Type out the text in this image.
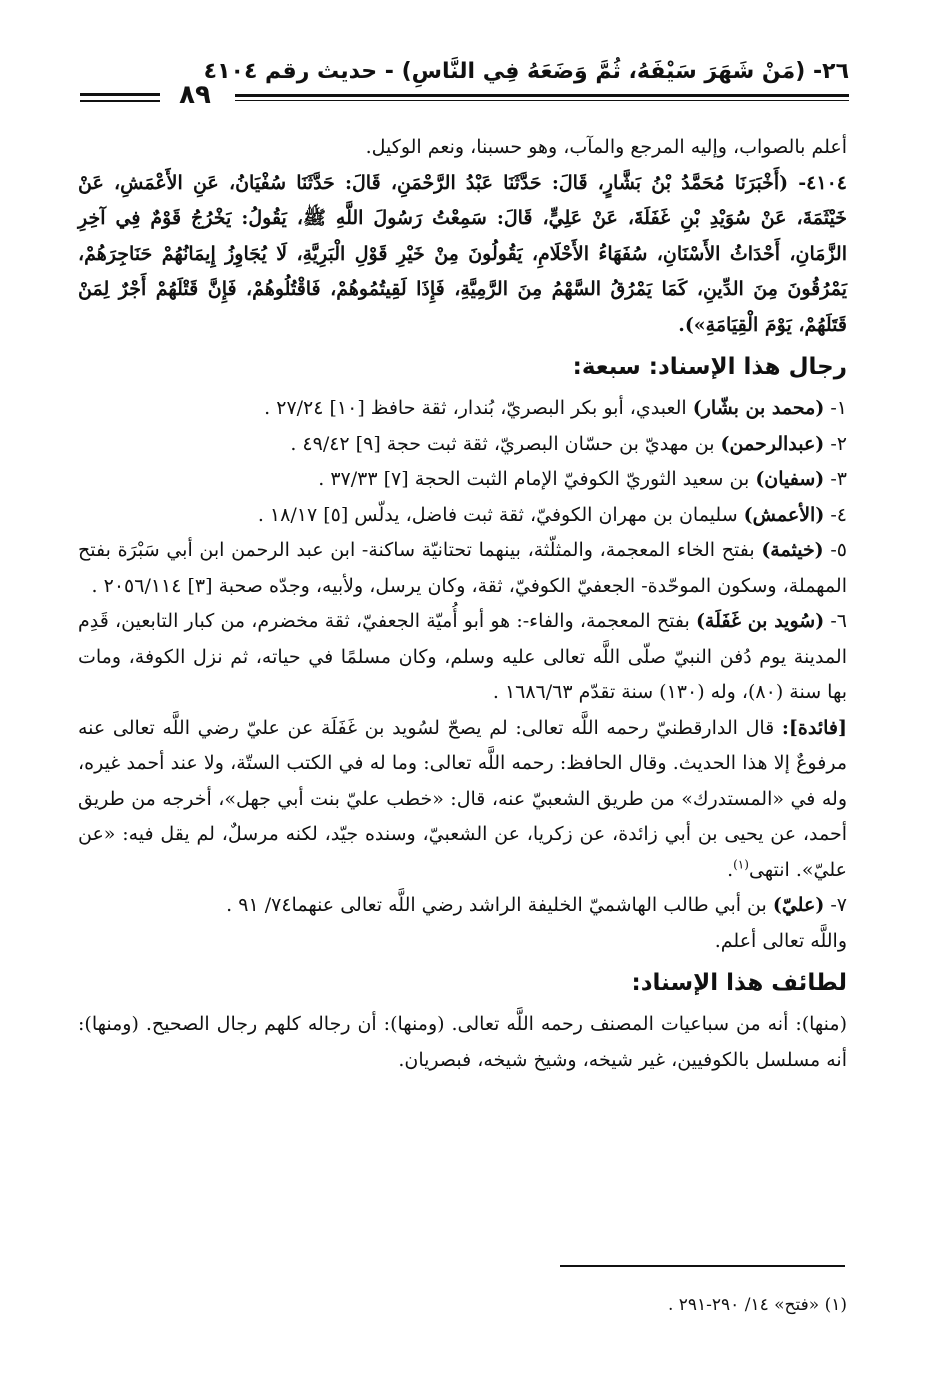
٢٦- (مَنْ شَهَرَ سَيْفَهُ، ثُمَّ وَضَعَهُ فِي النَّاسِ) - حديث رقم ٤١٠٤
٨٩

أعلم بالصواب، وإليه المرجع والمآب، وهو حسبنا، ونعم الوكيل.

٤١٠٤- (أَخْبَرَنَا مُحَمَّدُ بْنُ بَشَّارٍ، قَالَ: حَدَّثَنَا عَبْدُ الرَّحْمَنِ، قَالَ: حَدَّثَنَا سُفْيَانُ، عَنِ الأَعْمَشِ، عَنْ خَيْثَمَةَ، عَنْ سُوَيْدِ بْنِ غَفَلَةَ، عَنْ عَلِيٍّ، قَالَ: سَمِعْتُ رَسُولَ اللَّهِ ﷺ، يَقُولُ: يَخْرُجُ قَوْمٌ فِي آخِرِ الزَّمَانِ، أَحْدَاثُ الأَسْنَانِ، سُفَهَاءُ الأَحْلَامِ، يَقُولُونَ مِنْ خَيْرِ قَوْلِ الْبَرِيَّةِ، لَا يُجَاوِزُ إِيمَانُهُمْ حَنَاجِرَهُمْ، يَمْرُقُونَ مِنَ الدِّينِ، كَمَا يَمْرُقُ السَّهْمُ مِنَ الرَّمِيَّةِ، فَإِذَا لَقِيتُمُوهُمْ، فَاقْتُلُوهُمْ، فَإِنَّ قَتْلَهُمْ أَجْرٌ لِمَنْ قَتَلَهُمْ، يَوْمَ الْقِيَامَةِ»).

رجال هذا الإسناد: سبعة:

١- (محمد بن بشّار) العبدي، أبو بكر البصريّ، بُندار، ثقة حافظ [١٠] ٢٧/٢٤ .

٢- (عبدالرحمن) بن مهديّ بن حسّان البصريّ، ثقة ثبت حجة [٩] ٤٩/٤٢ .

٣- (سفيان) بن سعيد الثوريّ الكوفيّ الإمام الثبت الحجة [٧] ٣٧/٣٣ .

٤- (الأعمش) سليمان بن مهران الكوفيّ، ثقة ثبت فاضل، يدلّس [٥] ١٨/١٧ .

٥- (خيثمة) بفتح الخاء المعجمة، والمثلّثة، بينهما تحتانيّة ساكنة- ابن عبد الرحمن ابن أبي سَبْرَة بفتح المهملة، وسكون الموحّدة- الجعفيّ الكوفيّ، ثقة، وكان يرسل، ولأبيه، وجدّه صحبة [٣] ٢٠٥٦/١١٤ .

٦- (سُويد بن غَفَلَة) بفتح المعجمة، والفاء-: هو أبو أُميّة الجعفيّ، ثقة مخضرم، من كبار التابعين، قَدِم المدينة يوم دُفن النبيّ صلّى اللَّه تعالى عليه وسلم، وكان مسلمًا في حياته، ثم نزل الكوفة، ومات بها سنة (٨٠)، وله (١٣٠) سنة تقدّم ١٦٨٦/٦٣ .

[فائدة]: قال الدارقطنيّ رحمه اللَّه تعالى: لم يصحّ لسُويد بن غَفَلَة عن عليّ رضي اللَّه تعالى عنه مرفوعٌ إلا هذا الحديث. وقال الحافظ: رحمه اللَّه تعالى: وما له في الكتب الستّة، ولا عند أحمد غيره، وله في «المستدرك» من طريق الشعبيّ عنه، قال: «خطب عليّ بنت أبي جهل»، أخرجه من طريق أحمد، عن يحيى بن أبي زائدة، عن زكريا، عن الشعبيّ، وسنده جيّد، لكنه مرسلٌ، لم يقل فيه: «عن عليّ». انتهى$^{(١)}$.

٧- (عليّ) بن أبي طالب الهاشميّ الخليفة الراشد رضي اللَّه تعالى عنهما٧٤/ ٩١ .

واللَّه تعالى أعلم.

لطائف هذا الإسناد:

(منها): أنه من سباعيات المصنف رحمه اللَّه تعالى. (ومنها): أن رجاله كلهم رجال الصحيح. (ومنها): أنه مسلسل بالكوفيين، غير شيخه، وشيخ شيخه، فبصريان.

(١) «فتح» ١٤/ ٢٩٠-٢٩١ .
